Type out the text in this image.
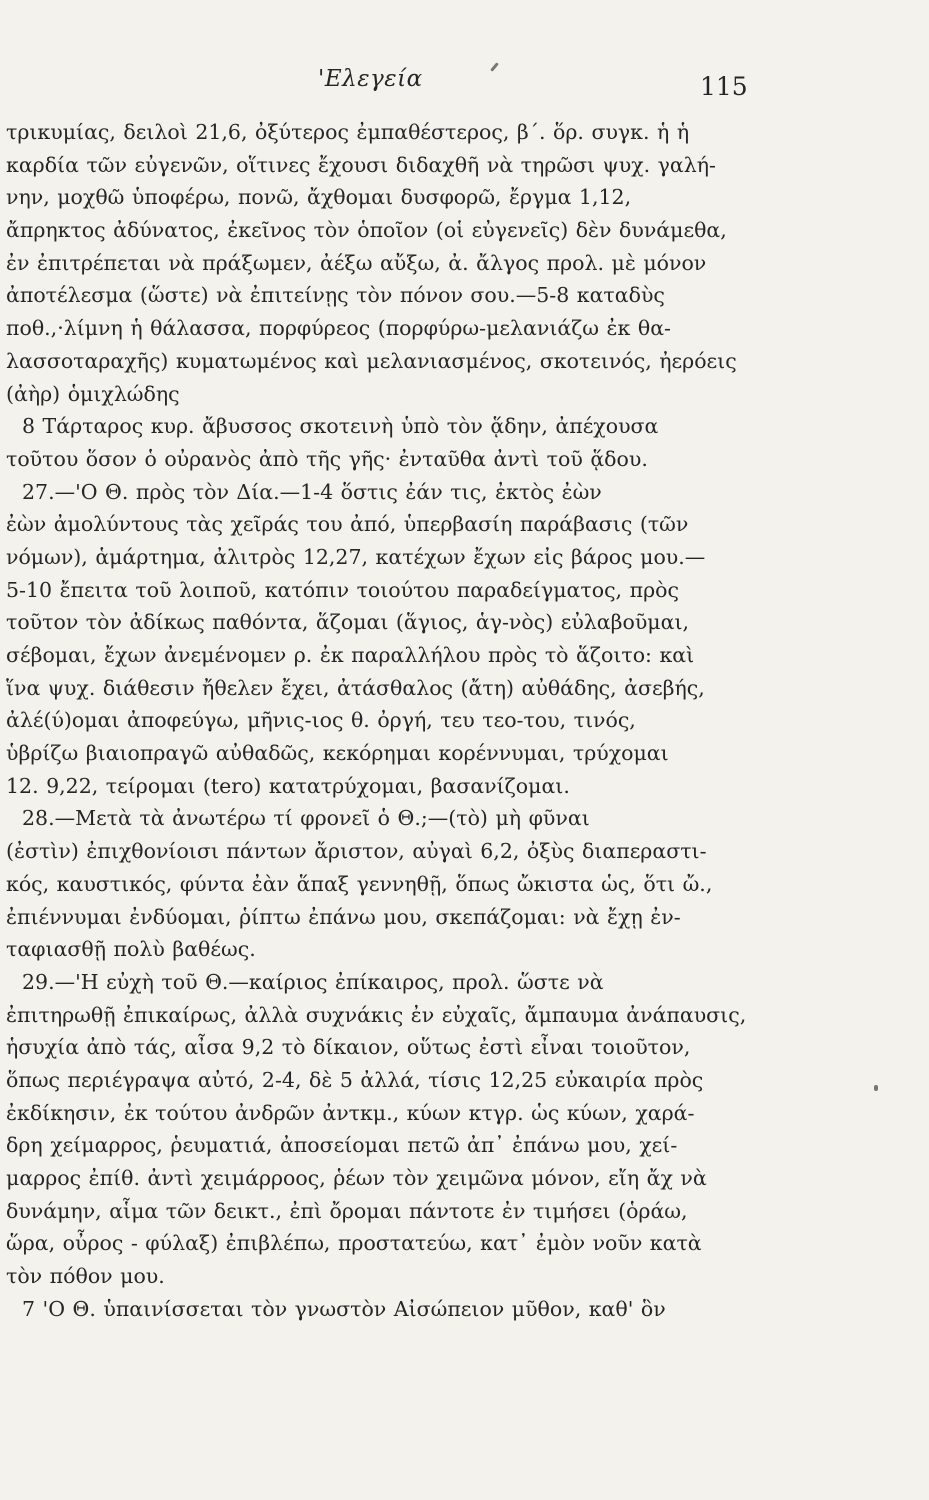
'Ελεγεία	115
τρικυμίας, δειλοὶ 21,6, ὀξύτερος ἐμπαθέστερος, β΄. ὅρ. συγκ. ἡ ἡ
καρδία τῶν εὐγενῶν, οἵτινες ἔχουσι διδαχθῆ νὰ τηρῶσι ψυχ. γαλή-
νην, μοχθῶ ὑποφέρω, πονῶ, ἄχθομαι δυσφορῶ, ἔργμα 1,12,
ἄπρηκτος ἀδύνατος, ἐκεῖνος τὸν ὁποῖον (οἱ εὐγενεῖς) δὲν δυνάμεθα,
ἐν ἐπιτρέπεται νὰ πράξωμεν, ἀέξω αὔξω, ἀ. ἄλγος προλ. μὲ μόνον
ἀποτέλεσμα (ὥστε) νὰ ἐπιτείνῃς τὸν πόνον σου.—5-8 καταδὺς
ποθ.,·λίμνη ἡ θάλασσα, πορφύρεος (πορφύρω-μελανιάζω ἐκ θα-
λασσοταραχῆς) κυματωμένος καὶ μελανιασμένος, σκοτεινός, ἠερόεις
(ἀὴρ) ὁμιχλώδης
8 Τάρταρος κυρ. ἄβυσσος σκοτεινὴ ὑπὸ τὸν ᾅδην, ἀπέχουσα
τοῦτου ὅσον ὁ οὐρανὸς ἀπὸ τῆς γῆς· ἐνταῦθα ἀντὶ τοῦ ᾅδου.
27.—'Ο Θ. πρὸς τὸν Δία.—1-4 ὅστις ἐάν τις, ἐκτὸς ἐὼν
ἐὼν ἀμολύντους τὰς χεῖράς του ἀπό, ὑπερβασίη παράβασις (τῶν
νόμων), ἁμάρτημα, ἀλιτρὸς 12,27, κατέχων ἔχων εἰς βάρος μου.—
5-10 ἔπειτα τοῦ λοιποῦ, κατόπιν τοιούτου παραδείγματος, πρὸς
τοῦτον τὸν ἀδίκως παθόντα, ἅζομαι (ἅγιος, ἁγ-νὸς) εὐλαβοῦμαι,
σέβομαι, ἔχων ἀνεμένομεν ρ. ἐκ παραλλήλου πρὸς τὸ ἅζοιτο: καὶ
ἵνα ψυχ. διάθεσιν ἤθελεν ἔχει, ἀτάσθαλος (ἄτη) αὐθάδης, ἀσεβής,
ἀλέ(ύ)ομαι ἀποφεύγω, μῆνις-ιος θ. ὀργή, τευ τεο-του, τινός,
ὑβρίζω βιαιοπραγῶ αὐθαδῶς, κεκόρημαι κορέννυμαι, τρύχομαι
12. 9,22, τείρομαι (tero) κατατρύχομαι, βασανίζομαι.
28.—Μετὰ τὰ ἀνωτέρω τί φρονεῖ ὁ Θ.;—(τὸ) μὴ φῦναι
(ἐστὶν) ἐπιχθονίοισι πάντων ἄριστον, αὐγαὶ 6,2, ὀξὺς διαπεραστι-
κός, καυστικός, φύντα ἐὰν ἅπαξ γεννηθῇ, ὅπως ὤκιστα ὡς, ὅτι ὤ.,
ἐπιέννυμαι ἐνδύομαι, ῥίπτω ἐπάνω μου, σκεπάζομαι: νὰ ἔχῃ ἐν-
ταφιασθῇ πολὺ βαθέως.
29.—'Η εὐχὴ τοῦ Θ.—καίριος ἐπίκαιρος, προλ. ὥστε νὰ
ἐπιτηρωθῇ ἐπικαίρως, ἀλλὰ συχνάκις ἐν εὐχαῖς, ἄμπαυμα ἀνάπαυσις,
ἡσυχία ἀπὸ τάς, αἶσα 9,2 τὸ δίκαιον, οὕτως ἐστὶ εἶναι τοιοῦτον,
ὅπως περιέγραψα αὐτό, 2-4, δὲ 5 ἀλλά, τίσις 12,25 εὐκαιρία πρὸς
ἐκδίκησιν, ἐκ τούτου ἀνδρῶν ἀντκμ., κύων κτγρ. ὡς κύων, χαρά-
δρη χείμαρρος, ῥευματιά, ἀποσείομαι πετῶ ἀπ᾽ ἐπάνω μου, χεί-
μαρρος ἐπίθ. ἀντὶ χειμάρροος, ῥέων τὸν χειμῶνα μόνον, εἴη ἄχ νὰ
δυνάμην, αἷμα τῶν δεικτ., ἐπὶ ὄρομαι πάντοτε ἐν τιμήσει (ὁράω,
ὥρα, οὖρος - φύλαξ) ἐπιβλέπω, προστατεύω, κατ᾽ ἐμὸν νοῦν κατὰ
τὸν πόθον μου.
7 'Ο Θ. ὑπαινίσσεται τὸν γνωστὸν Αἰσώπειον μῦθον, καθ' ὃν
